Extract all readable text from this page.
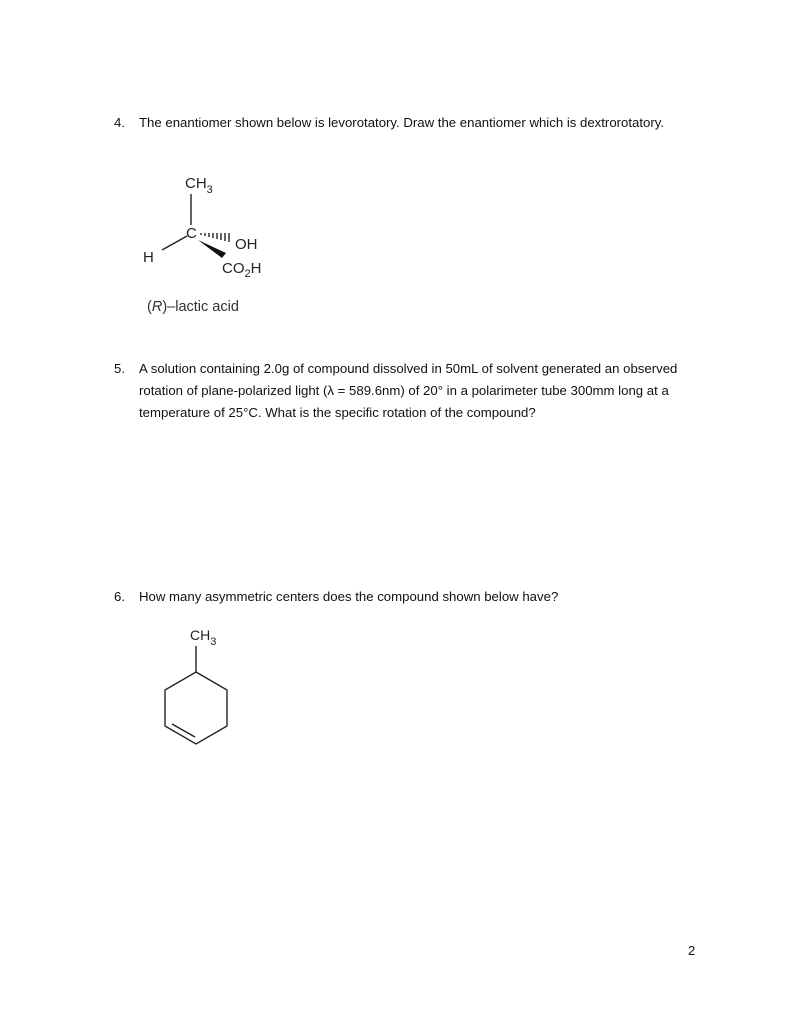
4.	The enantiomer shown below is levorotatory. Draw the enantiomer which is dextrorotatory.
$CH_3$
C
H
OH
$CO_2H$
(R)–lactic acid
5.	A solution containing 2.0g of compound dissolved in 50mL of solvent generated an observed rotation of plane-polarized light (λ = 589.6nm) of 20° in a polarimeter tube 300mm long at a temperature of 25°C. What is the specific rotation of the compound?
6.	How many asymmetric centers does the compound shown below have?
$CH_3$
2
